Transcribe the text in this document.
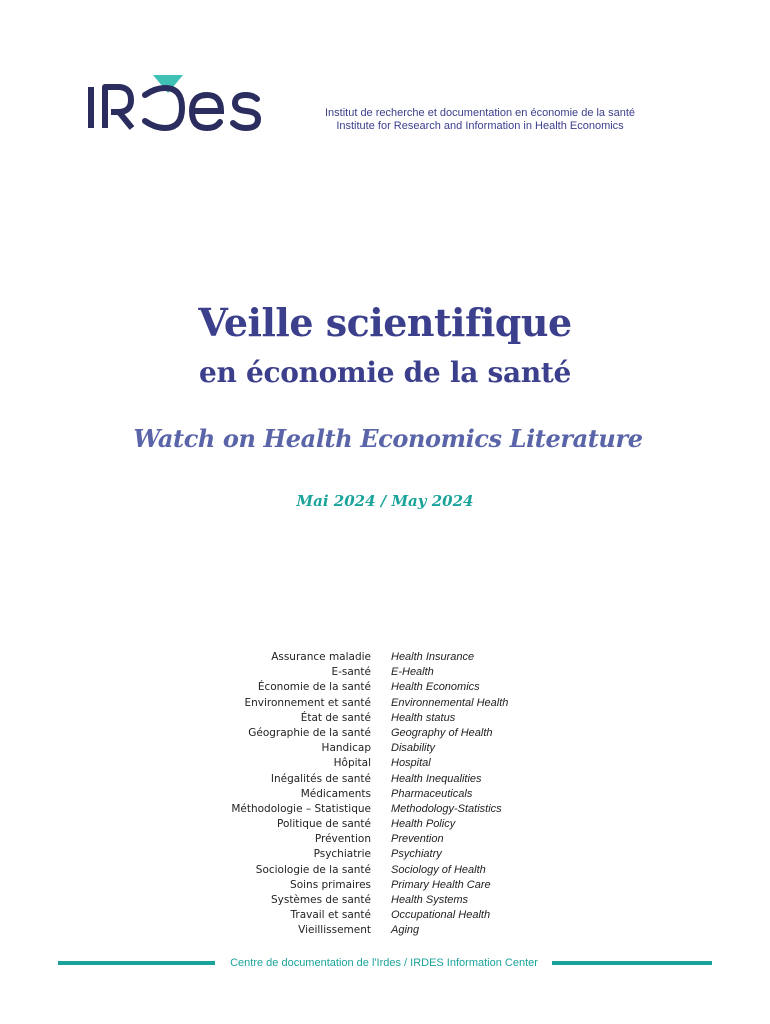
Institut de recherche et documentation en économie de la santé
Institute for Research and Information in Health Economics
Veille scientifique
en économie de la santé
Watch on Health Economics Literature
Mai 2024 / May 2024
Assurance maladie Health Insurance
E-santé E-Health
Économie de la santé Health Economics
Environnement et santé Environnemental Health
État de santé Health status
Géographie de la santé Geography of Health
Handicap Disability
Hôpital Hospital
Inégalités de santé Health Inequalities
Médicaments Pharmaceuticals
Méthodologie – Statistique Methodology-Statistics
Politique de santé Health Policy
Prévention Prevention
Psychiatrie Psychiatry
Sociologie de la santé Sociology of Health
Soins primaires Primary Health Care
Systèmes de santé Health Systems
Travail et santé Occupational Health
Vieillissement Aging
Centre de documentation de l'Irdes / IRDES Information Center
